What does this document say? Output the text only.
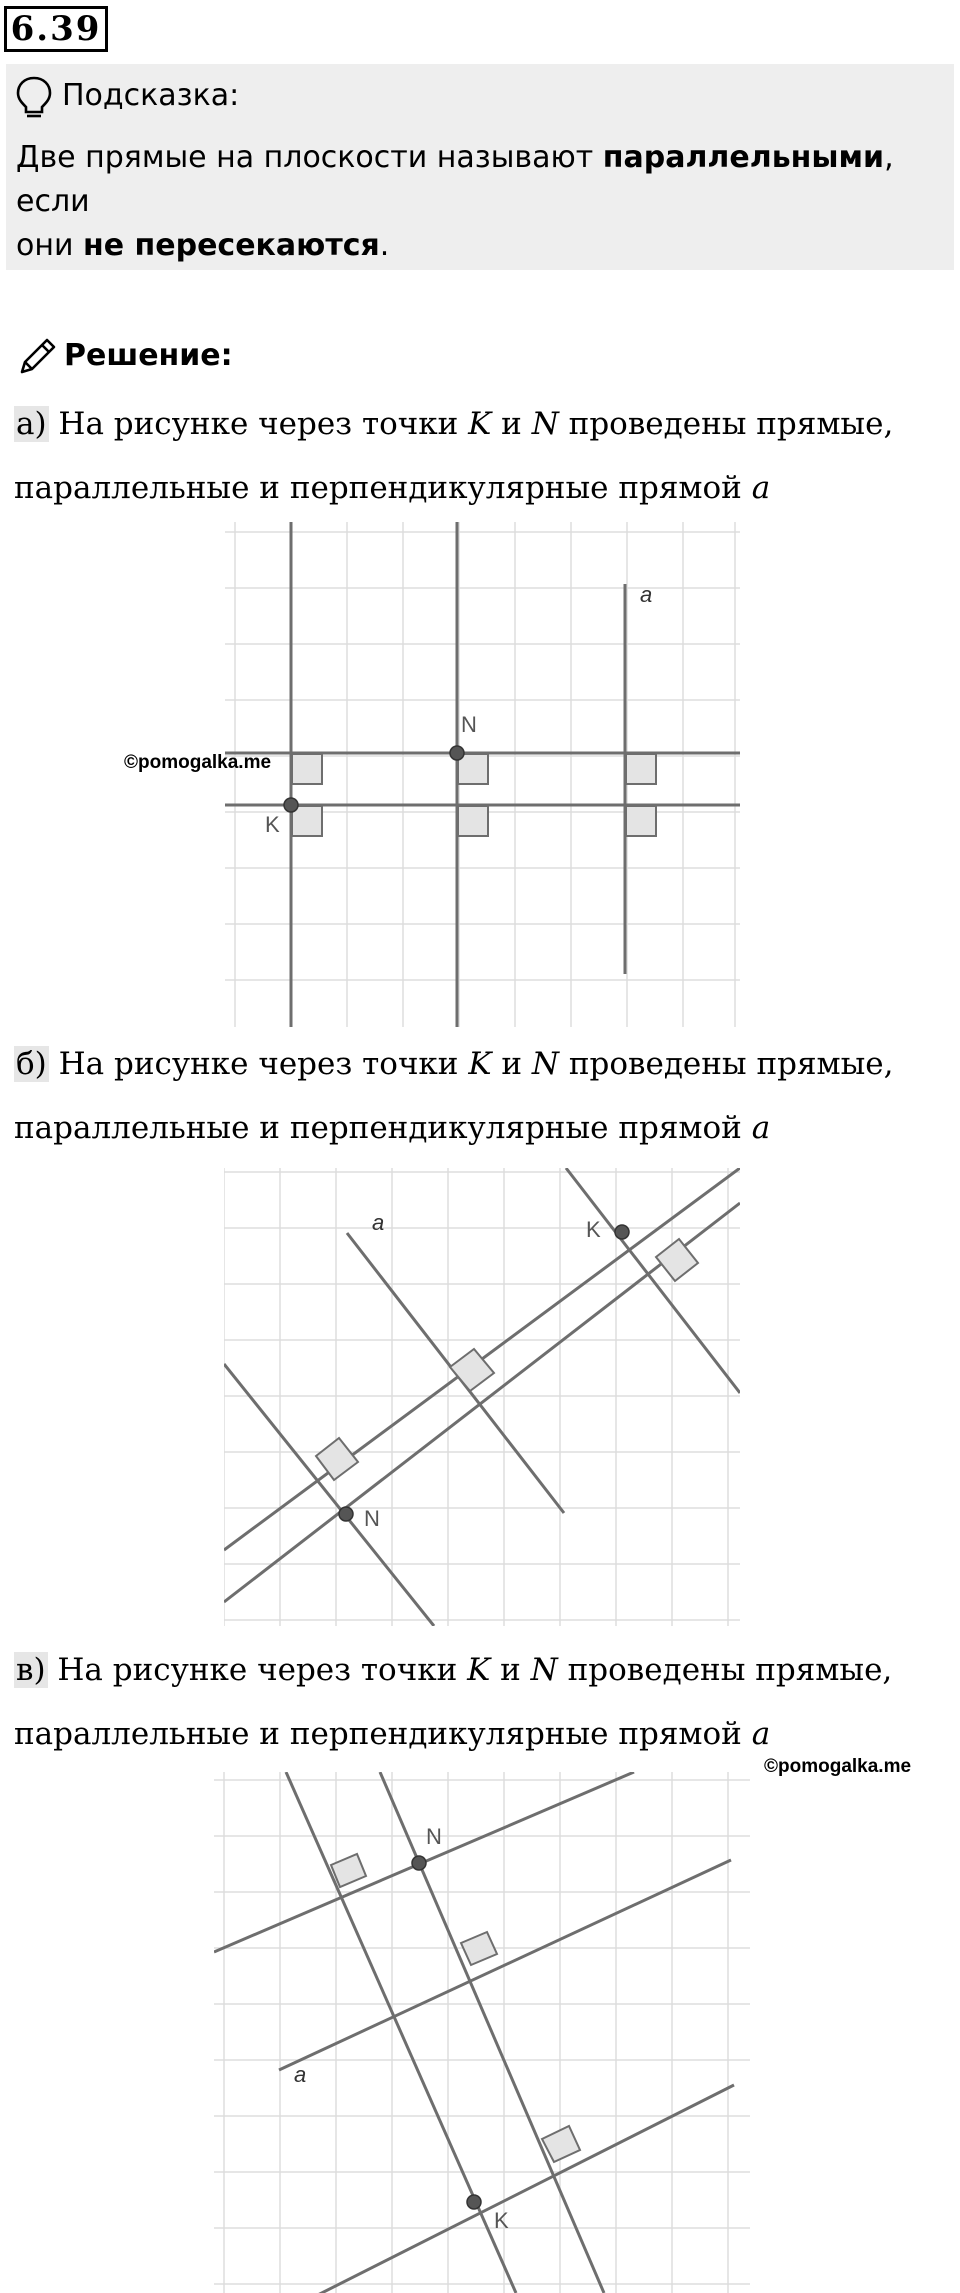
6.39
Подсказка:
Две прямые на плоскости называют параллельными, если
они не пересекаются.
Решение:
а) На рисунке через точки K и N проведены прямые,
параллельные и перпендикулярные прямой a
N
K
a
©pomogalka.me
б) На рисунке через точки K и N проведены прямые,
параллельные и перпендикулярные прямой a
K
N
a
в) На рисунке через точки K и N проведены прямые,
параллельные и перпендикулярные прямой a
©pomogalka.me
N
K
a
